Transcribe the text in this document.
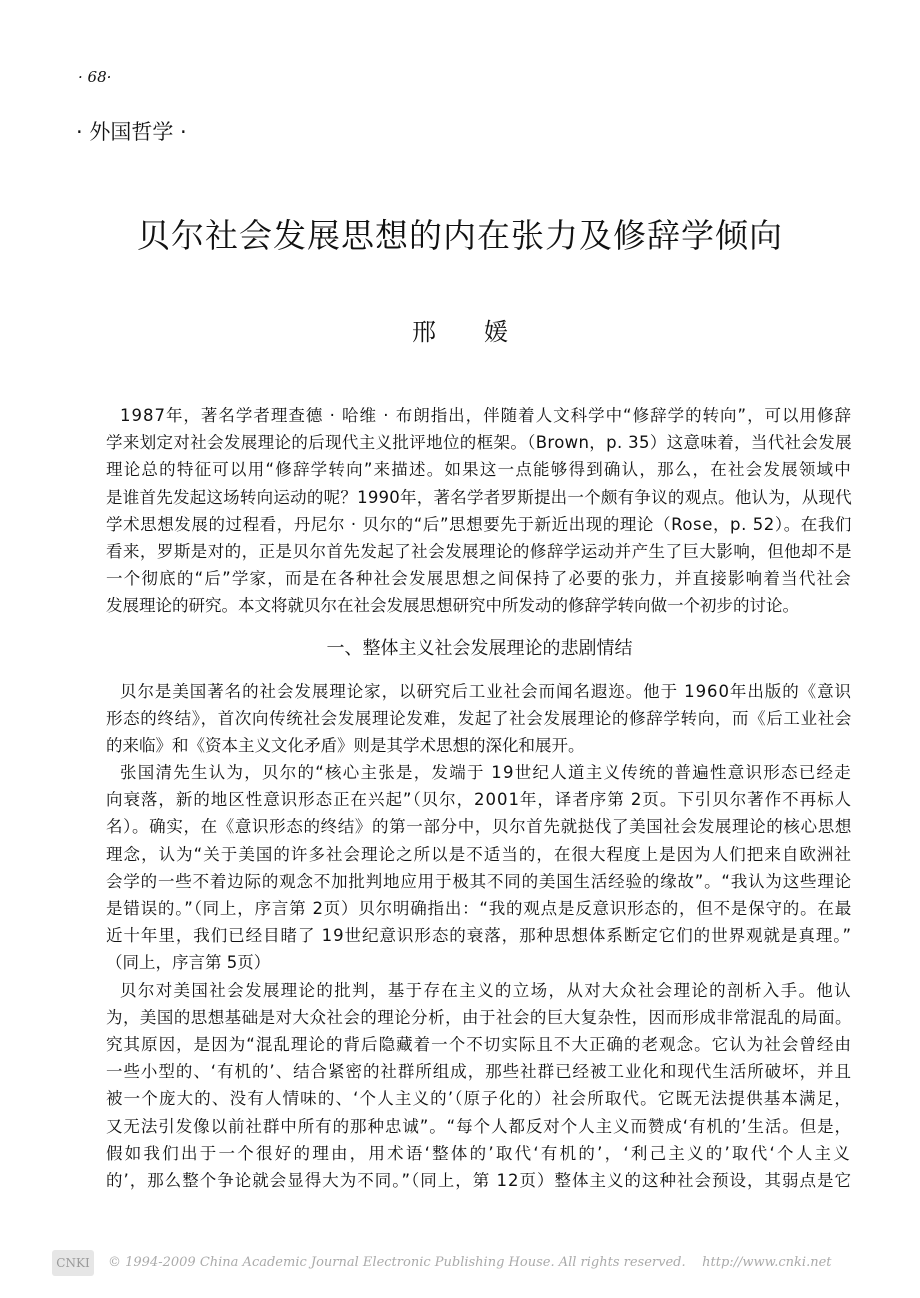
· 68·
· 外国哲学 ·
贝尔社会发展思想的内在张力及修辞学倾向
邢　　媛
1987年，著名学者理查德 · 哈维 · 布朗指出，伴随着人文科学中“修辞学的转向”，可以用修辞
学来划定对社会发展理论的后现代主义批评地位的框架。（Brown，p. 35）这意味着，当代社会发展
理论总的特征可以用“修辞学转向”来描述。如果这一点能够得到确认，那么，在社会发展领域中
是谁首先发起这场转向运动的呢？1990年，著名学者罗斯提出一个颇有争议的观点。他认为，从现代
学术思想发展的过程看，丹尼尔 · 贝尔的“后”思想要先于新近出现的理论（Rose，p. 52）。在我们
看来，罗斯是对的，正是贝尔首先发起了社会发展理论的修辞学运动并产生了巨大影响，但他却不是
一个彻底的“后”学家，而是在各种社会发展思想之间保持了必要的张力，并直接影响着当代社会
发展理论的研究。本文将就贝尔在社会发展思想研究中所发动的修辞学转向做一个初步的讨论。
一、整体主义社会发展理论的悲剧情结
贝尔是美国著名的社会发展理论家，以研究后工业社会而闻名遐迩。他于 1960年出版的《意识
形态的终结》，首次向传统社会发展理论发难，发起了社会发展理论的修辞学转向，而《后工业社会
的来临》和《资本主义文化矛盾》则是其学术思想的深化和展开。
张国清先生认为，贝尔的“核心主张是，发端于 19世纪人道主义传统的普遍性意识形态已经走
向衰落，新的地区性意识形态正在兴起”（贝尔，2001年，译者序第 2页。下引贝尔著作不再标人
名）。确实，在《意识形态的终结》的第一部分中，贝尔首先就挞伐了美国社会发展理论的核心思想
理念，认为“关于美国的许多社会理论之所以是不适当的，在很大程度上是因为人们把来自欧洲社
会学的一些不着边际的观念不加批判地应用于极其不同的美国生活经验的缘故”。“我认为这些理论
是错误的。”（同上，序言第 2页）贝尔明确指出：“我的观点是反意识形态的，但不是保守的。在最
近十年里，我们已经目睹了 19世纪意识形态的衰落，那种思想体系断定它们的世界观就是真理。”
（同上，序言第 5页）
贝尔对美国社会发展理论的批判，基于存在主义的立场，从对大众社会理论的剖析入手。他认
为，美国的思想基础是对大众社会的理论分析，由于社会的巨大复杂性，因而形成非常混乱的局面。
究其原因，是因为“混乱理论的背后隐藏着一个不切实际且不大正确的老观念。它认为社会曾经由
一些小型的、‘有机的’、结合紧密的社群所组成，那些社群已经被工业化和现代生活所破坏，并且
被一个庞大的、没有人情味的、‘个人主义的’（原子化的）社会所取代。它既无法提供基本满足，
又无法引发像以前社群中所有的那种忠诚”。“每个人都反对个人主义而赞成‘有机的’生活。但是，
假如我们出于一个很好的理由，用术语‘整体的’取代‘有机的’，‘利己主义的’取代‘个人主义
的’，那么整个争论就会显得大为不同。”（同上，第 12页）整体主义的这种社会预设，其弱点是它
CNKI	© 1994-2009 China Academic Journal Electronic Publishing House. All rights reserved.    http://www.cnki.net
